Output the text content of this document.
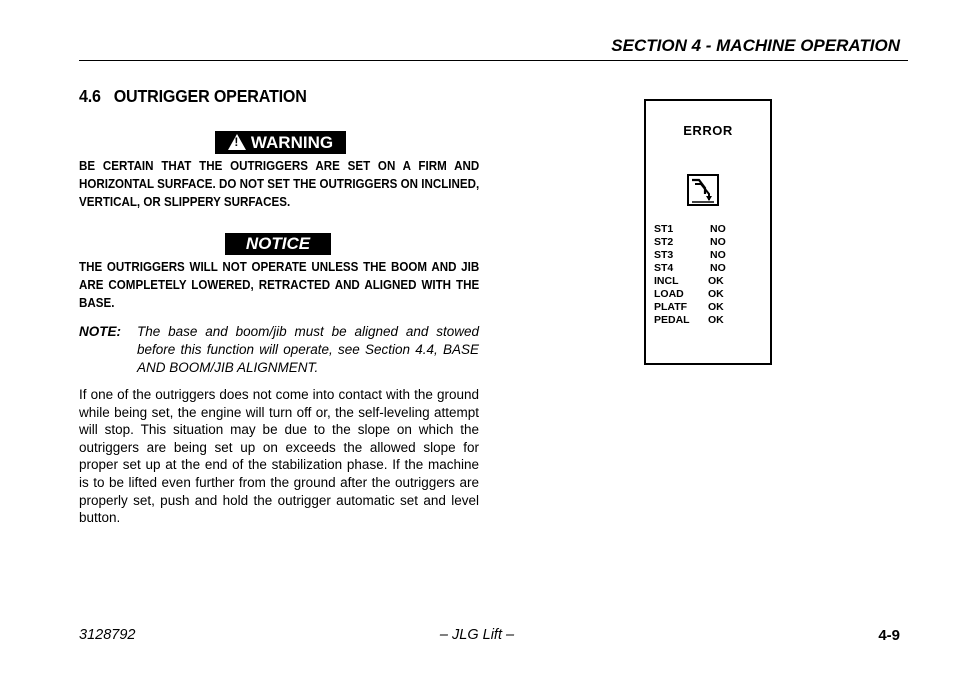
SECTION 4 - MACHINE OPERATION
4.6 OUTRIGGER OPERATION
!WARNING
BE CERTAIN THAT THE OUTRIGGERS ARE SET ON A FIRM AND HORIZONTAL SURFACE. DO NOT SET THE OUTRIGGERS ON INCLINED, VERTICAL, OR SLIPPERY SURFACES.
NOTICE
THE OUTRIGGERS WILL NOT OPERATE UNLESS THE BOOM AND JIB ARE COMPLETELY LOWERED, RETRACTED AND ALIGNED WITH THE BASE.
NOTE: The base and boom/jib must be aligned and stowed before this function will operate, see Section 4.4, BASE AND BOOM/JIB ALIGNMENT.
If one of the outriggers does not come into contact with the ground while being set, the engine will turn off or, the self-leveling attempt will stop. This situation may be due to the slope on which the outriggers are being set up on exceeds the allowed slope for proper set up at the end of the stabilization phase. If the machine is to be lifted even further from the ground after the outriggers are properly set, push and hold the outrigger automatic set and level button.
ERROR
ST1	NO
ST2	NO
ST3	NO
ST4	NO
INCL	OK
LOAD OK
PLATF OK
PEDAL OK
3128792	– JLG Lift –	4-9
